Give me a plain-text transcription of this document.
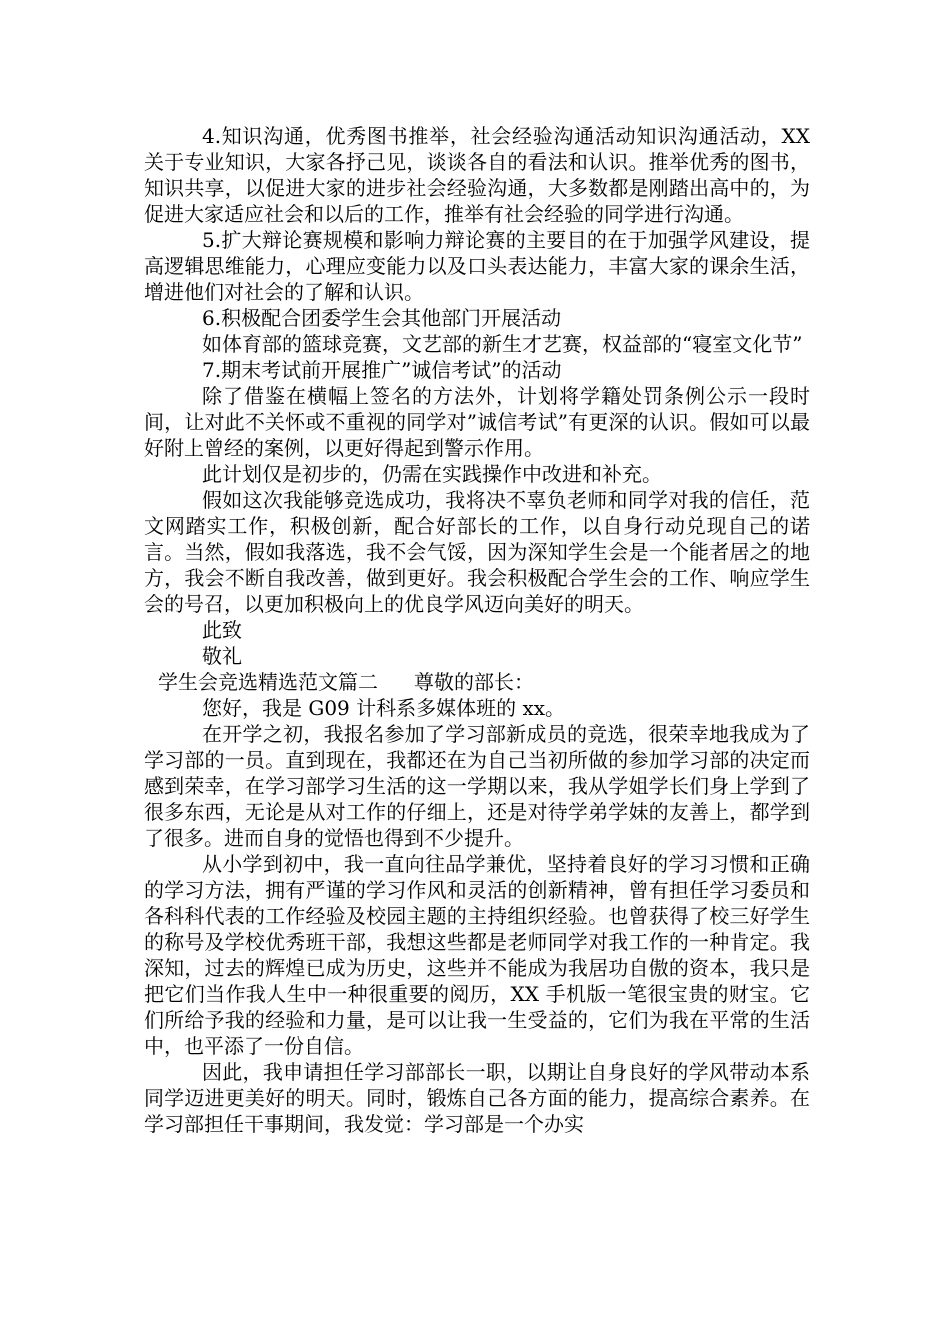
4.知识沟通，优秀图书推举，社会经验沟通活动知识沟通活动，XX 关于专业知识，大家各抒己见，谈谈各自的看法和认识。推举优秀的图书，知识共享，以促进大家的进步社会经验沟通，大多数都是刚踏出高中的，为促进大家适应社会和以后的工作，推举有社会经验的同学进行沟通。

5.扩大辩论赛规模和影响力辩论赛的主要目的在于加强学风建设，提高逻辑思维能力，心理应变能力以及口头表达能力，丰富大家的课余生活，增进他们对社会的了解和认识。

6.积极配合团委学生会其他部门开展活动

如体育部的篮球竞赛，文艺部的新生才艺赛，权益部的“寝室文化节”

7.期末考试前开展推广”诚信考试”的活动

除了借鉴在横幅上签名的方法外，计划将学籍处罚条例公示一段时间，让对此不关怀或不重视的同学对”诚信考试”有更深的认识。假如可以最好附上曾经的案例，以更好得起到警示作用。

此计划仅是初步的，仍需在实践操作中改进和补充。

假如这次我能够竞选成功，我将决不辜负老师和同学对我的信任，范文网踏实工作，积极创新，配合好部长的工作，以自身行动兑现自己的诺言。当然，假如我落选，我不会气馁，因为深知学生会是一个能者居之的地方，我会不断自我改善，做到更好。我会积极配合学生会的工作、响应学生会的号召，以更加积极向上的优良学风迈向美好的明天。

此致

敬礼

学生会竞选精选范文篇二 尊敬的部长：

您好，我是 G09 计科系多媒体班的 xx。

在开学之初，我报名参加了学习部新成员的竞选，很荣幸地我成为了学习部的一员。直到现在，我都还在为自己当初所做的参加学习部的决定而感到荣幸，在学习部学习生活的这一学期以来，我从学姐学长们身上学到了很多东西，无论是从对工作的仔细上，还是对待学弟学妹的友善上，都学到了很多。进而自身的觉悟也得到不少提升。

从小学到初中，我一直向往品学兼优，坚持着良好的学习习惯和正确的学习方法，拥有严谨的学习作风和灵活的创新精神，曾有担任学习委员和各科科代表的工作经验及校园主题的主持组织经验。也曾获得了校三好学生的称号及学校优秀班干部，我想这些都是老师同学对我工作的一种肯定。我深知，过去的辉煌已成为历史，这些并不能成为我居功自傲的资本，我只是把它们当作我人生中一种很重要的阅历，XX 手机版一笔很宝贵的财宝。它们所给予我的经验和力量，是可以让我一生受益的，它们为我在平常的生活中，也平添了一份自信。

因此，我申请担任学习部部长一职，以期让自身良好的学风带动本系同学迈进更美好的明天。同时，锻炼自己各方面的能力，提高综合素养。在学习部担任干事期间，我发觉：学习部是一个办实
